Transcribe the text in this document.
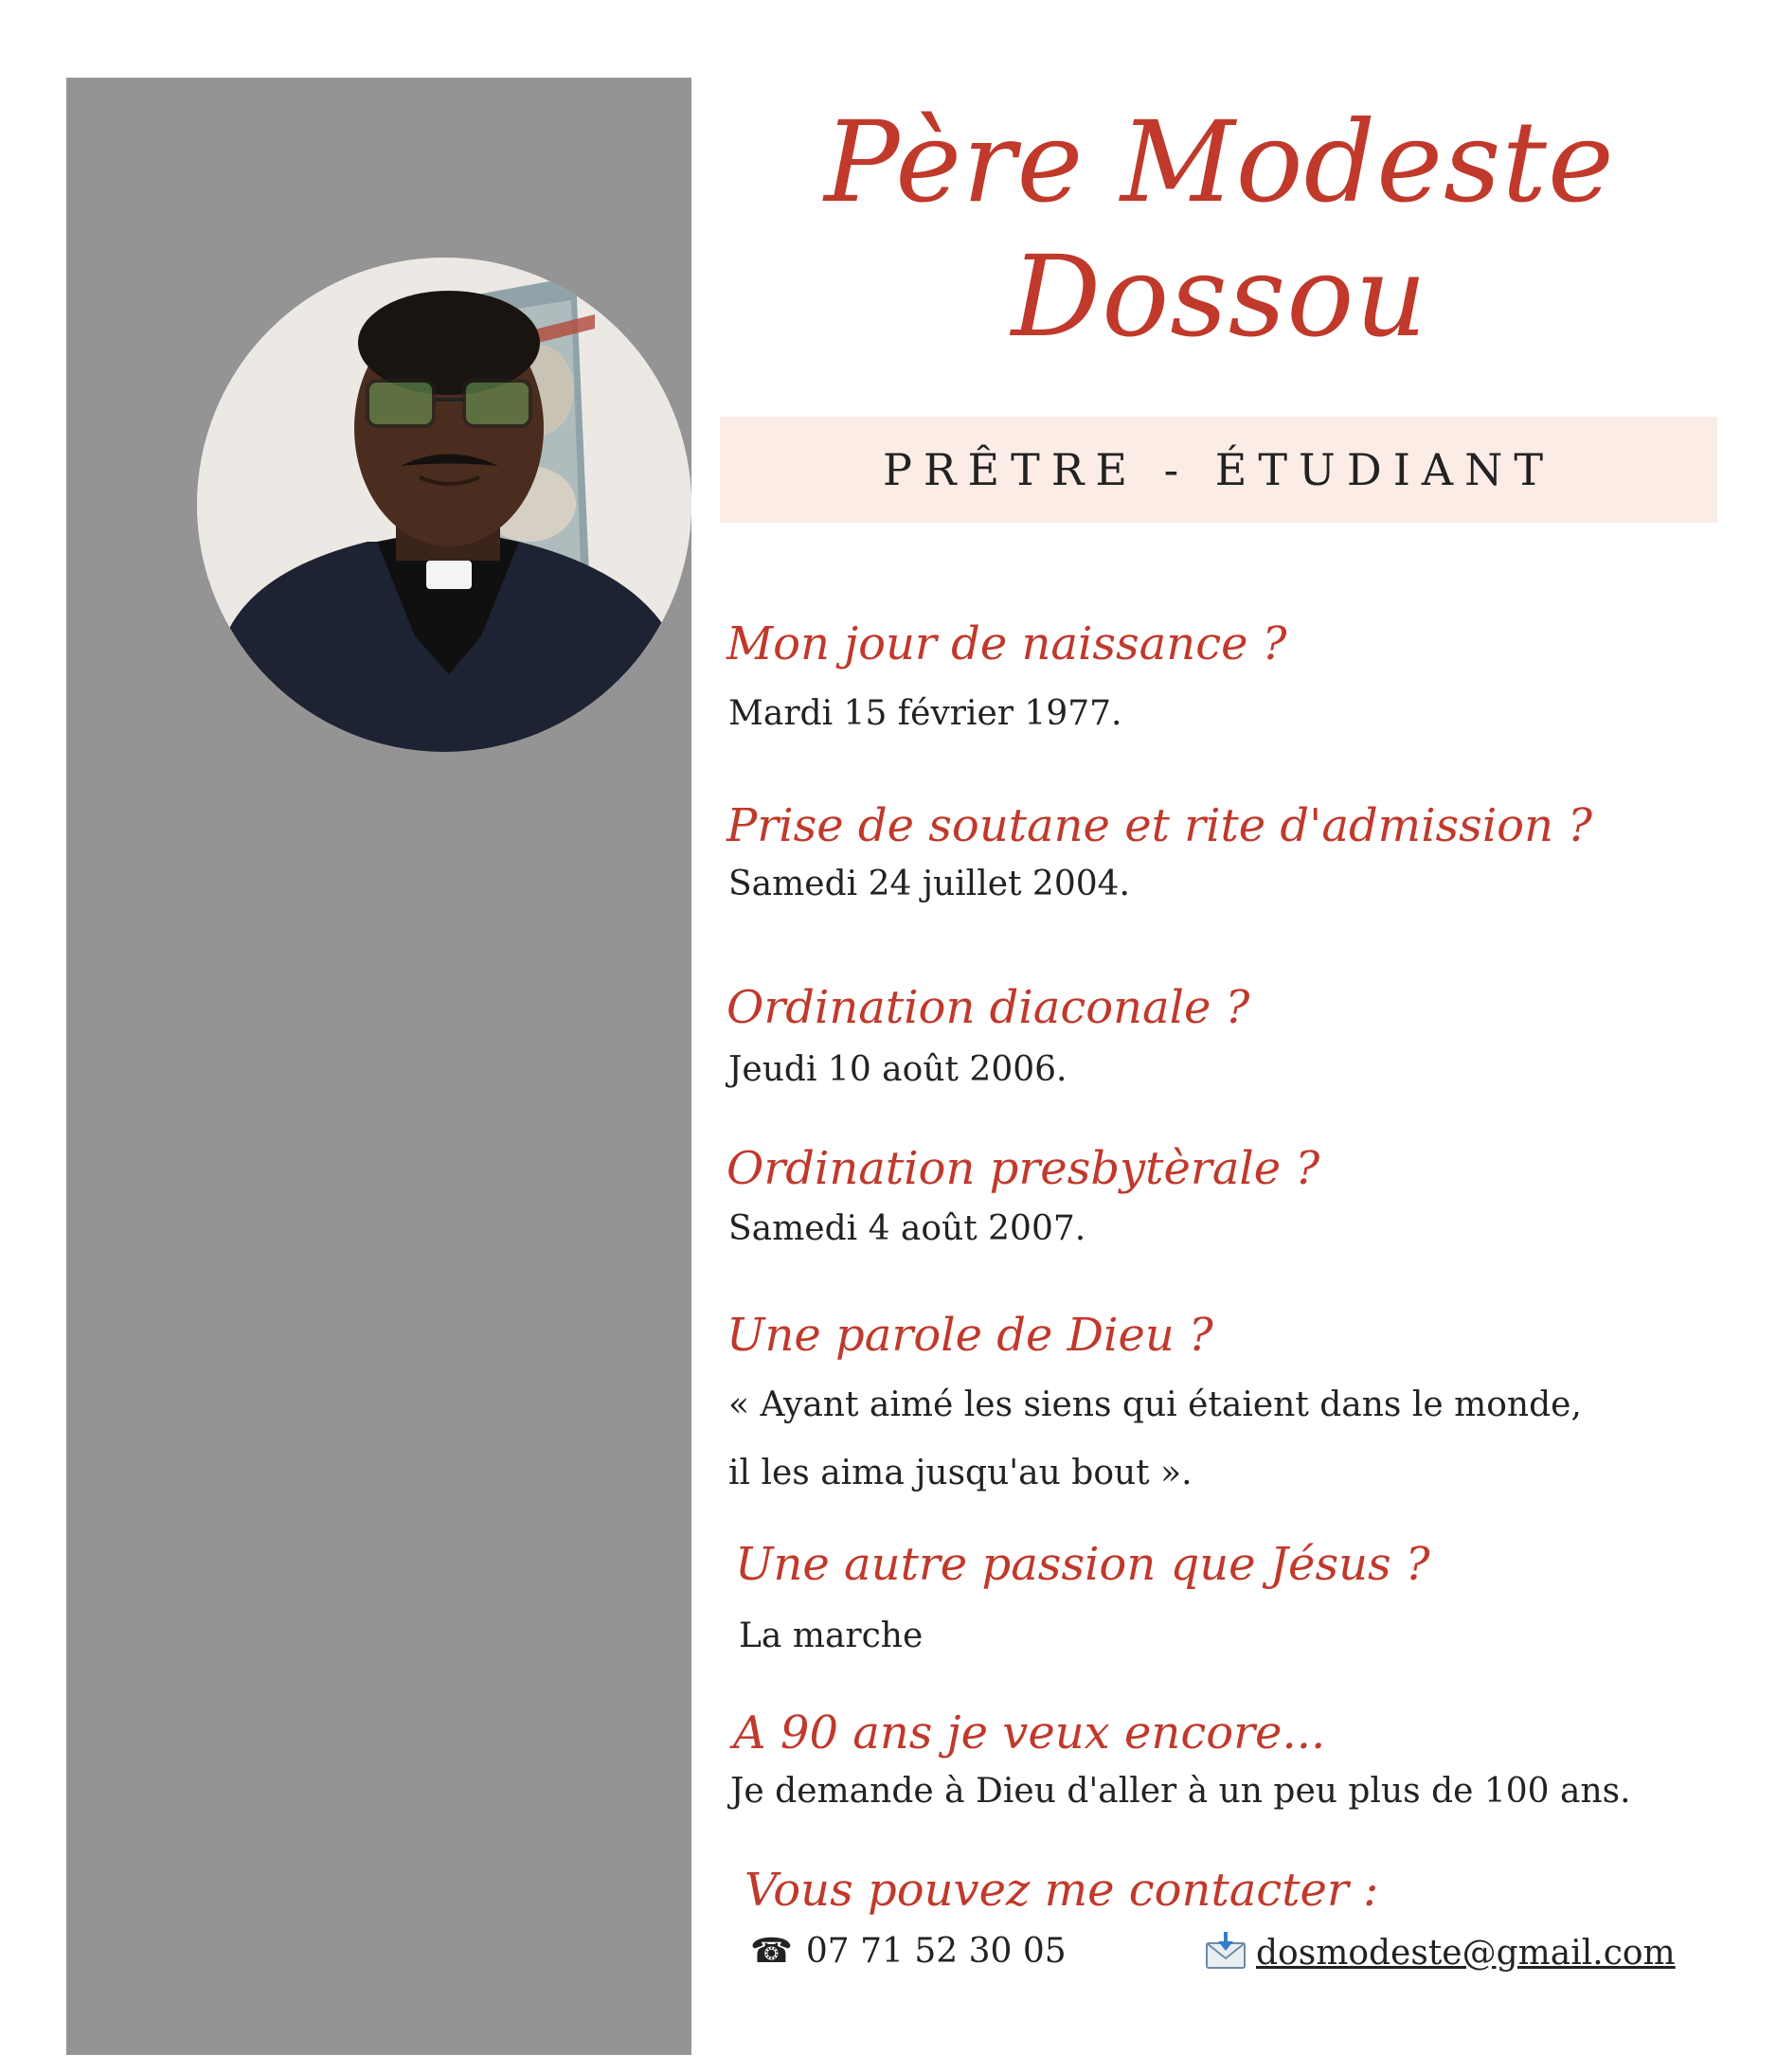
Père Modeste
Dossou
PRÊTRE - ÉTUDIANT
Mon jour de naissance ?
Mardi 15 février 1977.
Prise de soutane et rite d'admission ?
Samedi 24 juillet 2004.
Ordination diaconale ?
Jeudi 10 août 2006.
Ordination presbytèrale ?
Samedi 4 août 2007.
Une parole de Dieu ?
« Ayant aimé les siens qui étaient dans le monde,
il les aima jusqu'au bout ».
Une autre passion que Jésus ?
La marche
A 90 ans je veux encore...
Je demande à Dieu d'aller à un peu plus de 100 ans.
Vous pouvez me contacter :
☎ 07 71 52 30 05	dosmodeste@gmail.com
